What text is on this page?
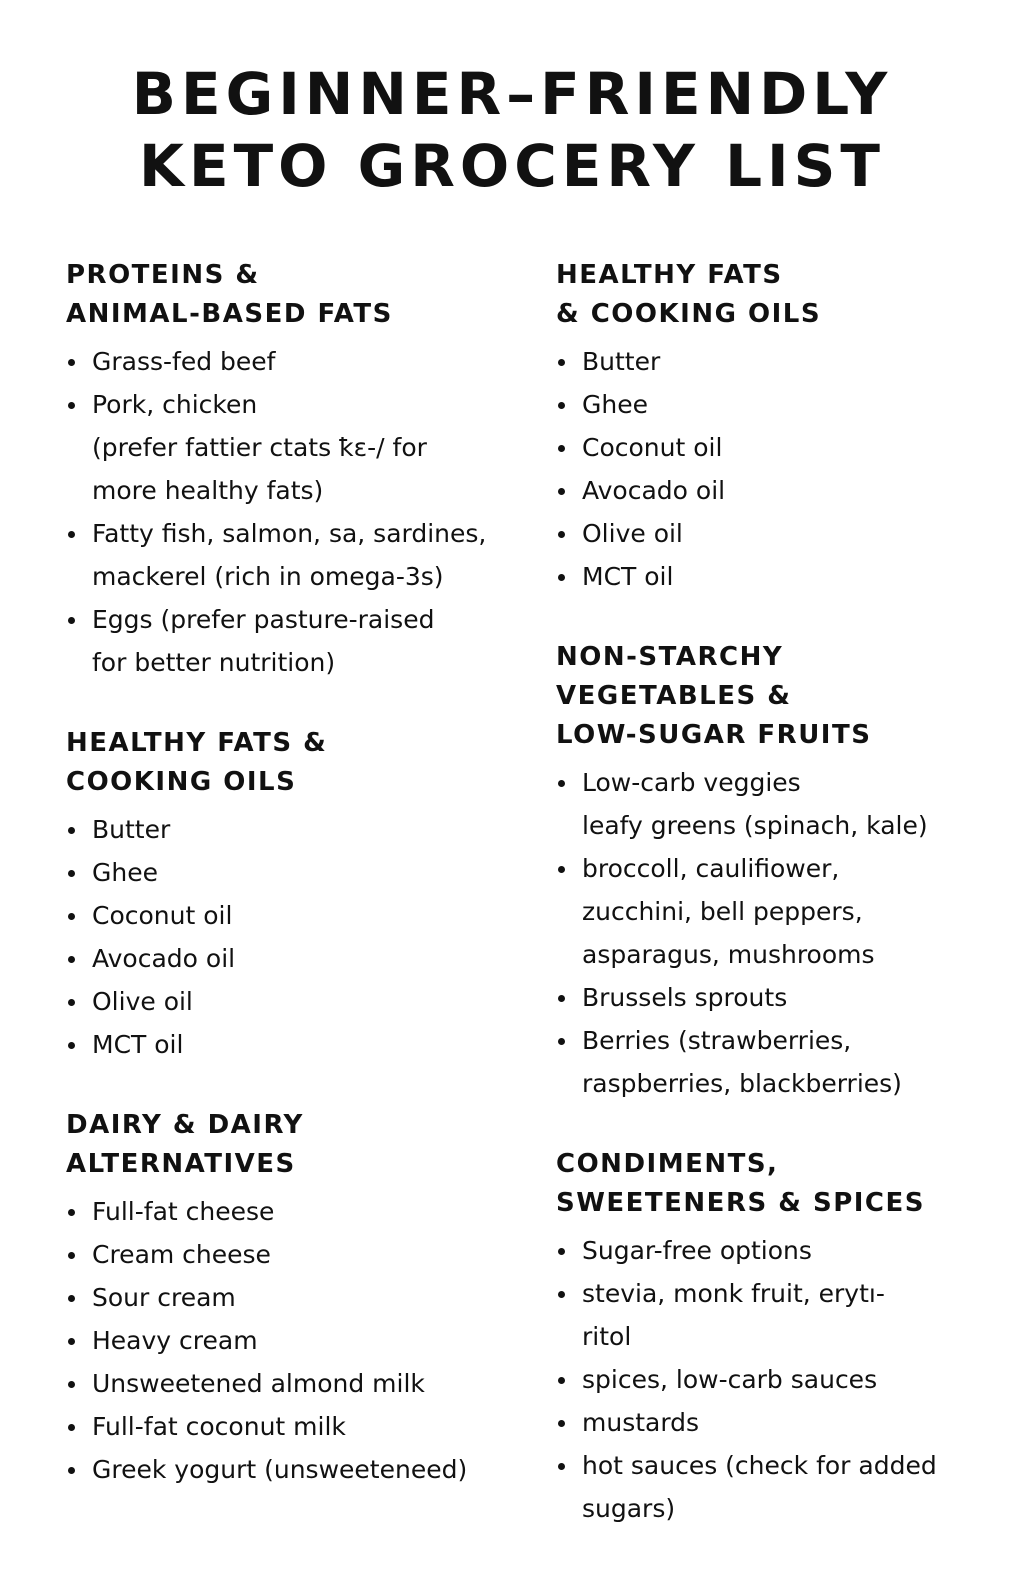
BEGINNER–FRIENDLY
KETO GROCERY LIST
PROTEINS &
ANIMAL-BASED FATS
Grass-fed beef
Pork, chicken
(prefer fattier ctats ꝁɛ-/ for
more healthy fats)
Fatty fish, salmon, sa, sardines,
mackerel (rich in omega-3s)
Eggs (prefer pasture-raised
for better nutrition)
HEALTHY FATS &
COOKING OILS
Butter
Ghee
Coconut oil
Avocado oil
Olive oil
MCT oil
DAIRY & DAIRY
ALTERNATIVES
Full-fat cheese
Cream cheese
Sour cream
Heavy cream
Unsweetened almond milk
Full-fat coconut milk
Greek yogurt (unsweeteneed)
HEALTHY FATS
& COOKING OILS
Butter
Ghee
Coconut oil
Avocado oil
Olive oil
MCT oil
NON-STARCHY
VEGETABLES &
LOW-SUGAR FRUITS
Low-carb veggies
leafy greens (spinach, kale)
broccoll, caulifiower,
zucchini, bell peppers,
asparagus, mushrooms
Brussels sprouts
Berries (strawberries,
raspberries, blackberries)
CONDIMENTS,
SWEETENERS & SPICES
Sugar-free options
stevia, monk fruit, erytı-
ritol
spices, low-carb sauces
mustards
hot sauces (check for added
sugars)
